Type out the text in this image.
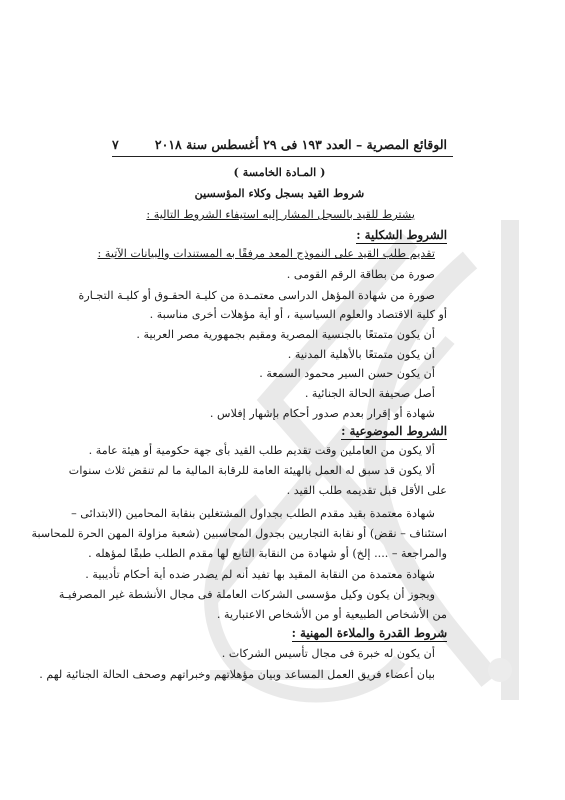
الوقائع المصرية – العدد ١٩٣ فى ٢٩ أغسطس سنة ٢٠١٨
٧
( المـادة الخامسة )
شروط القيد بسجل وكلاء المؤسسين
يشترط للقيد بالسجل المشار إليه استيفاء الشروط التالية :
الشروط الشكلية :
تقديم طلب القيد على النموذج المعد مرفقًا به المستندات والبيانات الآتية :
صورة من بطاقة الرقم القومى .
صورة من شهادة المؤهل الدراسى معتمـدة من كليـة الحقـوق أو كليـة التجـارة
أو كلية الاقتصاد والعلوم السياسية ، أو أية مؤهلات أخرى مناسبة .
أن يكون متمتعًا بالجنسية المصرية ومقيم بجمهورية مصر العربية .
أن يكون متمتعًا بالأهلية المدنية .
أن يكون حسن السير محمود السمعة .
أصل صحيفة الحالة الجنائية .
شهادة أو إقرار بعدم صدور أحكام بإشهار إفلاس .
الشروط الموضوعية :
ألا يكون من العاملين وقت تقديم طلب القيد بأى جهة حكومية أو هيئة عامة .
ألا يكون قد سبق له العمل بالهيئة العامة للرقابة المالية ما لم تنقض ثلاث سنوات
على الأقل قبل تقديمه طلب القيد .
شهادة معتمدة بقيد مقدم الطلب بجداول المشتغلين بنقابة المحامين (الابتدائى –
استئناف – نقض) أو نقابة التجاريين بجدول المحاسبين (شعبة مزاولة المهن الحرة للمحاسبة
والمراجعة – .... إلخ) أو شهادة من النقابة التابع لها مقدم الطلب طبقًا لمؤهله .
شهادة معتمدة من النقابة المقيد بها تفيد أنه لم يصدر ضده أية أحكام تأديبية .
ويجوز أن يكون وكيل مؤسسى الشركات العاملة فى مجال الأنشطة غير المصرفيـة
من الأشخاص الطبيعية أو من الأشخاص الاعتبارية .
شروط القدرة والملاءة المهنية :
أن يكون له خبرة فى مجال تأسيس الشركات .
بيان أعضاء فريق العمل المساعد وبيان مؤهلاتهم وخبراتهم وصحف الحالة الجنائية لهم .
